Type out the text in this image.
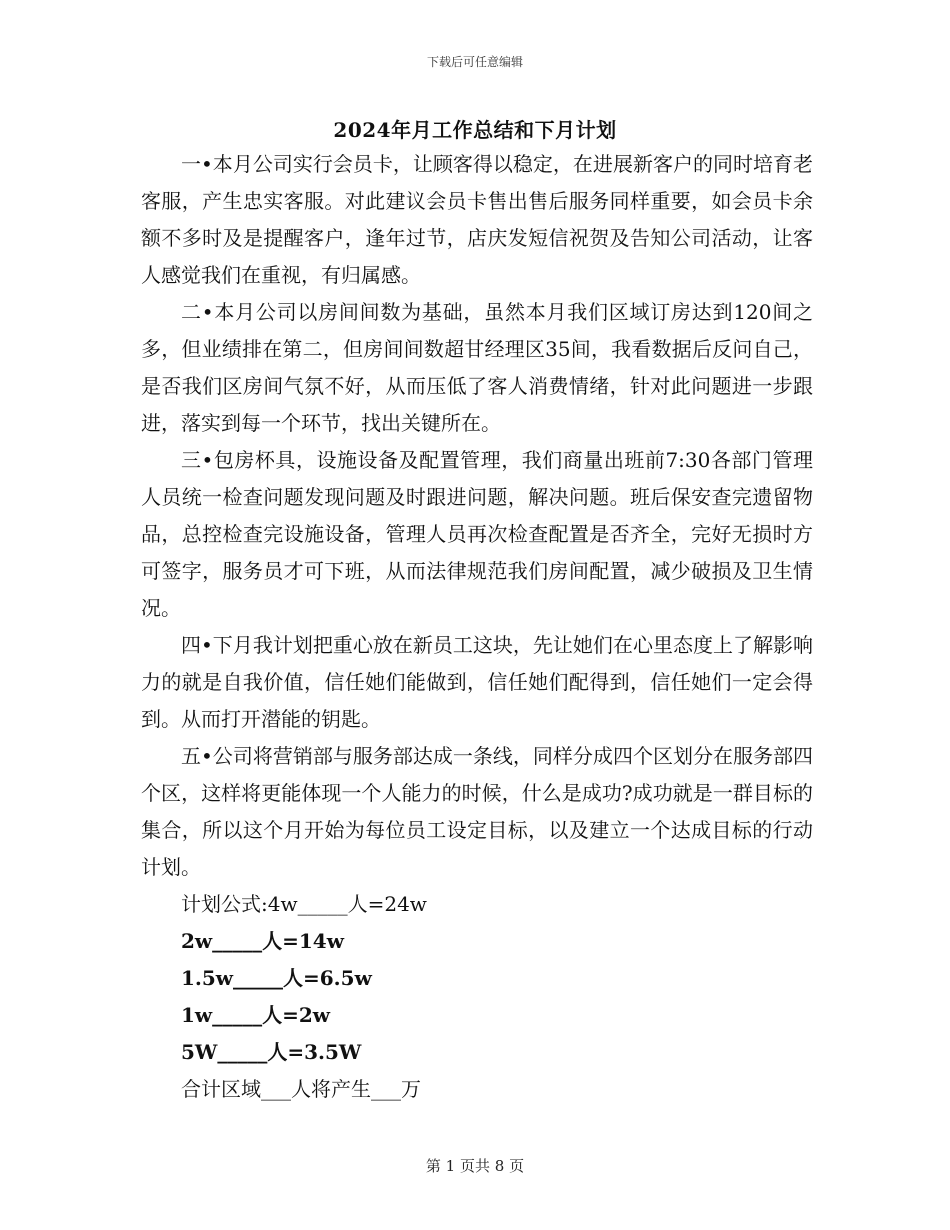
下载后可任意编辑
2024年月工作总结和下月计划

一•本月公司实行会员卡，让顾客得以稳定，在进展新客户的同时培育老客服，产生忠实客服。对此建议会员卡售出售后服务同样重要，如会员卡余额不多时及是提醒客户，逢年过节，店庆发短信祝贺及告知公司活动，让客人感觉我们在重视，有归属感。

二•本月公司以房间间数为基础，虽然本月我们区域订房达到120间之多，但业绩排在第二，但房间间数超甘经理区35间，我看数据后反问自己，是否我们区房间气氛不好，从而压低了客人消费情绪，针对此问题进一步跟进，落实到每一个环节，找出关键所在。

三•包房杯具，设施设备及配置管理，我们商量出班前7:30各部门管理人员统一检查问题发现问题及时跟进问题，解决问题。班后保安查完遗留物品，总控检查完设施设备，管理人员再次检查配置是否齐全，完好无损时方可签字，服务员才可下班，从而法律规范我们房间配置，减少破损及卫生情况。

四•下月我计划把重心放在新员工这块，先让她们在心里态度上了解影响力的就是自我价值，信任她们能做到，信任她们配得到，信任她们一定会得到。从而打开潜能的钥匙。

五•公司将营销部与服务部达成一条线，同样分成四个区划分在服务部四个区，这样将更能体现一个人能力的时候，什么是成功?成功就是一群目标的集合，所以这个月开始为每位员工设定目标，以及建立一个达成目标的行动计划。

计划公式:4w_____人=24w

2w_____人=14w

1.5w_____人=6.5w

1w_____人=2w

5W_____人=3.5W

合计区域___人将产生___万

第 1 页共 8 页
